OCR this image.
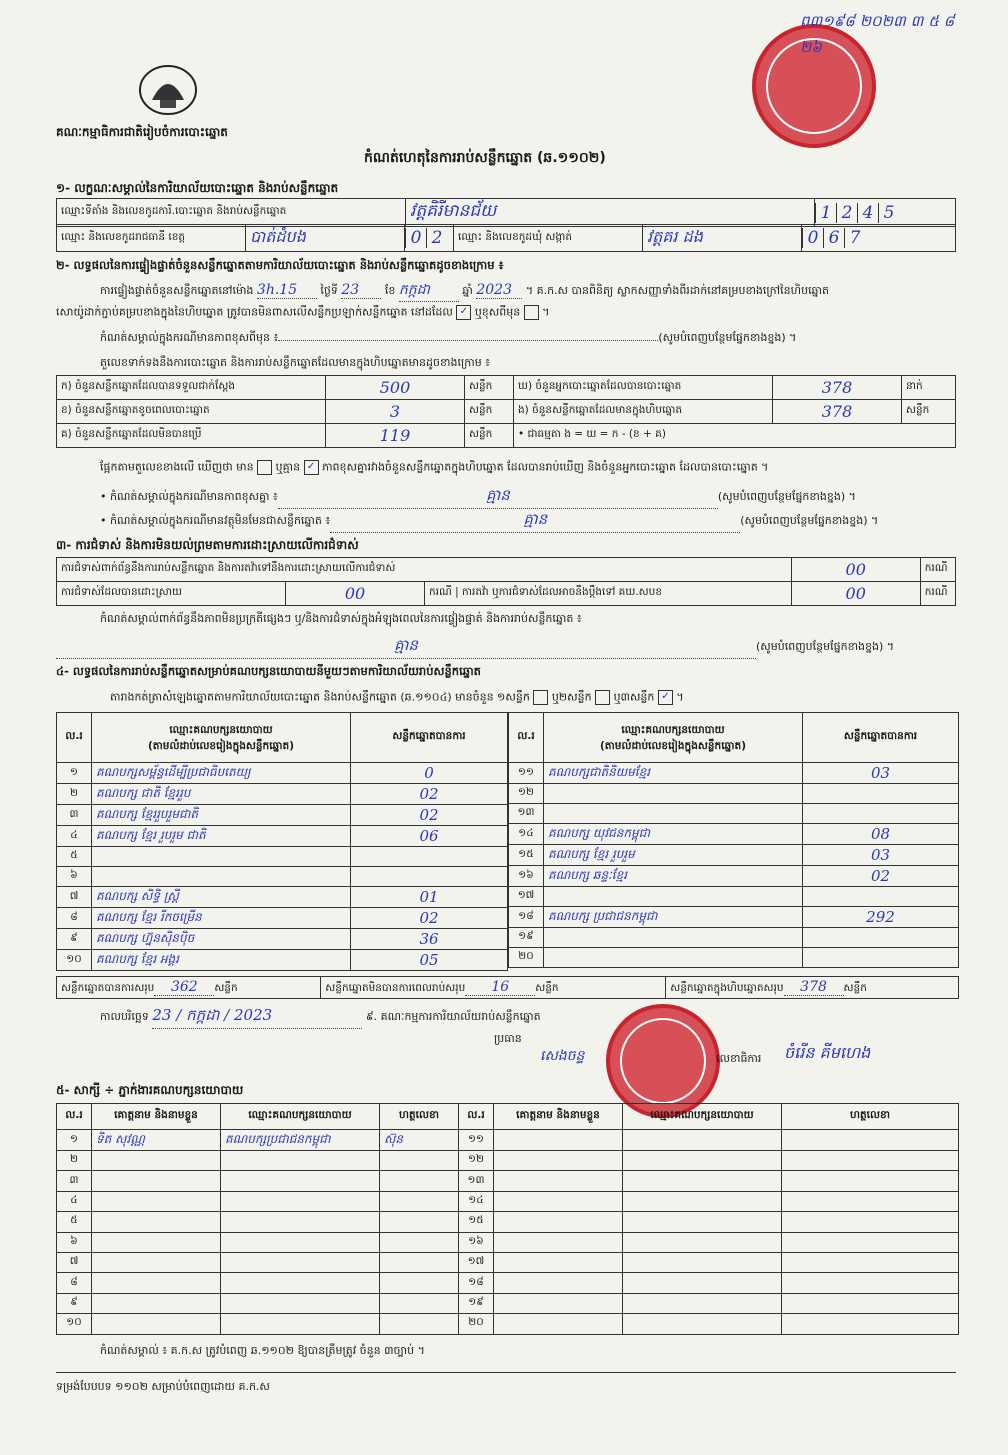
គណៈកម្មាធិការជាតិរៀបចំការបោះឆ្នោត
កំណត់ហេតុនៃការរាប់សន្លឹកឆ្នោត (ឆ.១១០២)
ព៣១៩៨ ២០២៣ ៣ ៥ ៨ ២៦
១- លក្ខណៈសម្គាល់នៃការិយាល័យបោះឆ្នោត និងរាប់សន្លឹកឆ្នោត
ឈ្មោះទីតាំង និងលេខកូដការិ.បោះឆ្នោត និងរាប់សន្លឹកឆ្នោត	វត្តគិរីមានជ័យ	1 2 4 5
ឈ្មោះ និងលេខកូដរាជធានី ខេត្ត	បាត់ដំបង	0 2	ឈ្មោះ និងលេខកូដឃុំ សង្កាត់	វត្តគរ ដង	0 6 7
២- លទ្ធផលនៃការផ្ទៀងផ្ទាត់ចំនួនសន្លឹកឆ្នោតតាមការិយាល័យបោះឆ្នោត និងរាប់សន្លឹកឆ្នោតដូចខាងក្រោម ៖
ការផ្ទៀងផ្ទាត់ចំនួនសន្លឹកឆ្នោតនៅម៉ោង 3h.15 ថ្ងៃទី 23 ខែ កក្កដា	ឆ្នាំ 2023 ។ គ.ក.ស បានពិនិត្យ ស្លាកសញ្ញាទាំងពីរដាក់នៅគម្របខាងក្រៅនៃហិបឆ្នោត
សោយ៉ូដាក់ភ្ជាប់គម្របខាងក្នុងនៃហិបឆ្នោត ត្រូវបានមិនពាសលើសន្លឹកប្រឡាក់សន្លឹកឆ្នោត នៅដដែល ✓ ឬខុសពីមុន  ។
កំណត់សម្គាល់ក្នុងករណីមានភាពខុសពីមុន ៖	(សូមបំពេញបន្ថែមផ្នែកខាងខ្នង) ។
តួលេខទាក់ទងនឹងការបោះឆ្នោត និងការរាប់សន្លឹកឆ្នោតដែលមានក្នុងហិបឆ្នោតមានដូចខាងក្រោម ៖
ក) ចំនួនសន្លឹកឆ្នោតដែលបានទទួលជាក់ស្តែង	500	សន្លឹក	ឃ) ចំនួនអ្នកបោះឆ្នោតដែលបានបោះឆ្នោត	378	នាក់
ខ) ចំនួនសន្លឹកឆ្នោតខូចពេលបោះឆ្នោត	3	សន្លឹក	ង) ចំនួនសន្លឹកឆ្នោតដែលមានក្នុងហិបឆ្នោត	378	សន្លឹក
គ) ចំនួនសន្លឹកឆ្នោតដែលមិនបានប្រើ	119	សន្លឹក	• ជាធម្មតា ង = ឃ = ក - (ខ + គ)		
ផ្អែកតាមតួលេខខាងលើ ឃើញថា មាន ឬគ្មាន ✓ ភាពខុសគ្នារវាងចំនួនសន្លឹកឆ្នោតក្នុងហិបឆ្នោត ដែលបានរាប់ឃើញ និងចំនួនអ្នកបោះឆ្នោត ដែលបានបោះឆ្នោត ។
• កំណត់សម្គាល់ក្នុងករណីមានភាពខុសគ្នា ៖	គ្មាន	(សូមបំពេញបន្ថែមផ្នែកខាងខ្នង) ។
• កំណត់សម្គាល់ក្នុងករណីមានវត្ថុមិនមែនជាសន្លឹកឆ្នោត ៖	គ្មាន	(សូមបំពេញបន្ថែមផ្នែកខាងខ្នង) ។
៣- ការជំទាស់ និងការមិនយល់ព្រមតាមការដោះស្រាយលើការជំទាស់
ការជំទាស់ពាក់ព័ន្ធនឹងការរាប់សន្លឹកឆ្នោត និងការតវ៉ាទៅនឹងការដោះស្រាយលើការជំទាស់			00	ករណី
ការជំទាស់ដែលបានដោះស្រាយ	00	ករណី | ការតវ៉ា ឬការជំទាស់ដែលអាចនឹងប្តឹងទៅ គឃ.សបខ	00	ករណី
កំណត់សម្គាល់ពាក់ព័ន្ធនឹងភាពមិនប្រក្រតីផ្សេងៗ ឬ/និងការជំទាស់ក្នុងអំឡុងពេលនៃការផ្ទៀងផ្ទាត់ និងការរាប់សន្លឹកឆ្នោត ៖
គ្មាន	(សូមបំពេញបន្ថែមផ្នែកខាងខ្នង) ។
៤- លទ្ធផលនៃការរាប់សន្លឹកឆ្នោតសម្រាប់គណបក្សនយោបាយនីមួយៗតាមការិយាល័យរាប់សន្លឹកឆ្នោត
តារាងកត់ត្រាសំឡេងឆ្នោតតាមការិយាល័យបោះឆ្នោត និងរាប់សន្លឹកឆ្នោត (ឆ.១១០៤) មានចំនួន ១សន្លឹក ឬ២សន្លឹក ឬ៣សន្លឹក ✓ ។
ល.រ	ឈ្មោះគណបក្សនយោបាយ
(តាមលំដាប់លេខរៀងក្នុងសន្លឹកឆ្នោត)	សន្លឹកឆ្នោតបានការ
១	គណបក្សសម្ព័ន្ធដើម្បីប្រជាធិបតេយ្យ	0
២	គណបក្ស ជាតិ ខ្មែររួប	02
៣	គណបក្ស ខ្មែររួបរួមជាតិ	02
៤	គណបក្ស ខ្មែរ រួបរួម ជាតិ	06
៥		
៦		
៧	គណបក្ស សិទ្ធិ ស្រ្តី	01
៨	គណបក្ស ខ្មែរ រីកចម្រើន	02
៩	គណបក្ស ហ្វ៊ុនស៊ិនប៉ិច	36
១០	គណបក្ស ខ្មែរ អង្គរ	05
ល.រ	ឈ្មោះគណបក្សនយោបាយ
(តាមលំដាប់លេខរៀងក្នុងសន្លឹកឆ្នោត)	សន្លឹកឆ្នោតបានការ
១១	គណបក្សជាតិនិយមខ្មែរ	03
១២		
១៣		
១៤	គណបក្ស យុវជនកម្ពុជា	08
១៥	គណបក្ស ខ្មែរ រួបរួម	03
១៦	គណបក្ស ឆន្ទៈខ្មែរ	02
១៧		
១៨	គណបក្ស ប្រជាជនកម្ពុជា	292
១៩		
២០		
សន្លឹកឆ្នោតបានការសរុប 362 សន្លឹក	សន្លឹកឆ្នោតមិនបានការពេលរាប់សរុប 16 សន្លឹក	សន្លឹកឆ្នោតក្នុងហិបឆ្នោតសរុប 378 សន្លឹក
កាលបរិច្ឆេទ 23 / កក្កដា / 2023	៩. គណៈកម្មការការិយាល័យរាប់សន្លឹកឆ្នោត
ប្រធាន
សេងចន្ទ	លេខាធិការ ចំរើន គីមហេង
៥- សាក្សី ÷ ភ្នាក់ងារគណបក្សនយោបាយ
ល.រ	គោត្តនាម និងនាមខ្លួន	ឈ្មោះគណបក្សនយោបាយ	ហត្ថលេខា	ល.រ	គោត្តនាម និងនាមខ្លួន	ឈ្មោះគណបក្សនយោបាយ	ហត្ថលេខា
១	ទិត សុវណ្ណ	គណបក្សប្រជាជនកម្ពុជា	ស៊ុន	១១			
២				១២			
៣				១៣			
៤				១៤			
៥				១៥			
៦				១៦			
៧				១៧			
៨				១៨			
៩				១៩			
១០				២០			
កំណត់សម្គាល់ ៖ គ.ក.ស ត្រូវបំពេញ ឆ.១១០២ ឱ្យបានត្រឹមត្រូវ ចំនួន ៣ច្បាប់ ។
ទម្រង់បែបបទ ១១០២ សម្រាប់បំពេញដោយ គ.ក.ស
